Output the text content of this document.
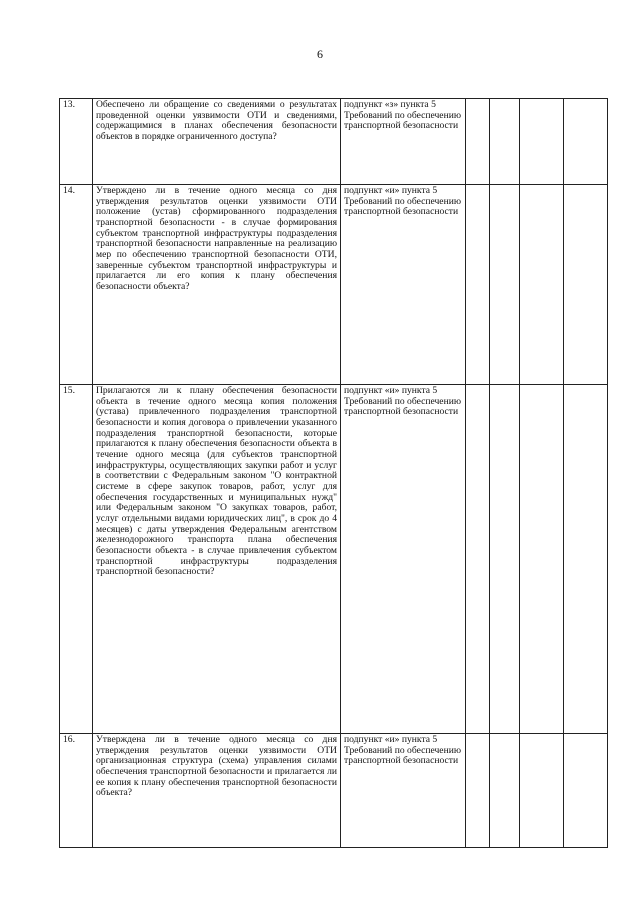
6
13.	Обеспечено ли обращение со сведениями о результатах проведенной оценки уязвимости ОТИ и сведениями, содержащимися в планах обеспечения безопасности объектов в порядке ограниченного доступа?	подпункт «з» пункта 5 Требований по обеспечению транспортной безопасности				
14.	Утверждено ли в течение одного месяца со дня утверждения результатов оценки уязвимости ОТИ положение (устав) сформированного подразделения транспортной безопасности - в случае формирования субъектом транспортной инфраструктуры подразделения транспортной безопасности направленные на реализацию мер по обеспечению транспортной безопасности ОТИ, заверенные субъектом транспортной инфраструктуры и прилагается ли его копия к плану обеспечения безопасности объекта?	подпункт «и» пункта 5 Требований по обеспечению транспортной безопасности				
15.	Прилагаются ли к плану обеспечения безопасности объекта в течение одного месяца копия положения (устава) привлеченного подразделения транспортной безопасности и копия договора о привлечении указанного подразделения транспортной безопасности, которые прилагаются к плану обеспечения безопасности объекта в течение одного месяца (для субъектов транспортной инфраструктуры, осуществляющих закупки работ и услуг в соответствии с Федеральным законом "О контрактной системе в сфере закупок товаров, работ, услуг для обеспечения государственных и муниципальных нужд" или Федеральным законом "О закупках товаров, работ, услуг отдельными видами юридических лиц", в срок до 4 месяцев) с даты утверждения Федеральным агентством железнодорожного транспорта плана обеспечения безопасности объекта - в случае привлечения субъектом транспортной инфраструктуры подразделения транспортной безопасности?	подпункт «и» пункта 5 Требований по обеспечению транспортной безопасности				
16.	Утверждена ли в течение одного месяца со дня утверждения результатов оценки уязвимости ОТИ организационная структура (схема) управления силами обеспечения транспортной безопасности и прилагается ли ее копия к плану обеспечения транспортной безопасности объекта?	подпункт «и» пункта 5 Требований по обеспечению транспортной безопасности				
